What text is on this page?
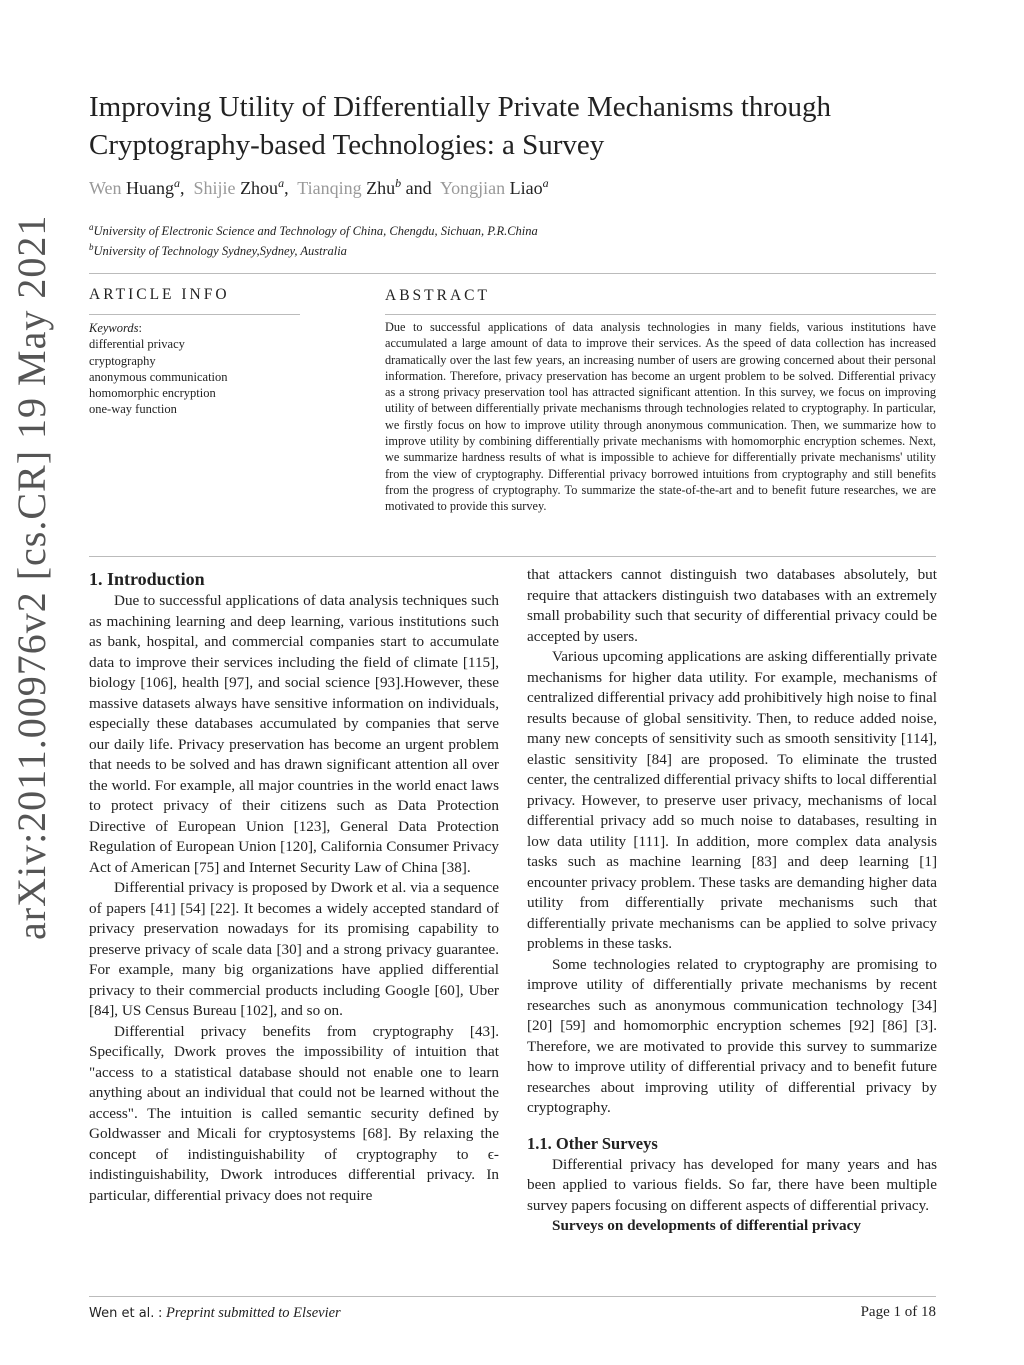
arXiv:2011.00976v2 [cs.CR] 19 May 2021
Improving Utility of Differentially Private Mechanisms through Cryptography-based Technologies: a Survey
Wen Huang$^a$, Shijie Zhou$^a$, Tianqing Zhu$^b$ and Yongjian Liao$^a$
$^a$University of Electronic Science and Technology of China, Chengdu, Sichuan, P.R.China
$^b$University of Technology Sydney,Sydney, Australia
ARTICLE INFO
Keywords:
differential privacy
cryptography
anonymous communication
homomorphic encryption
one-way function
ABSTRACT
Due to successful applications of data analysis technologies in many fields, various institutions have accumulated a large amount of data to improve their services. As the speed of data collection has increased dramatically over the last few years, an increasing number of users are growing concerned about their personal information. Therefore, privacy preservation has become an urgent problem to be solved. Differential privacy as a strong privacy preservation tool has attracted significant attention. In this survey, we focus on improving utility of between differentially private mechanisms through technologies related to cryptography. In particular, we firstly focus on how to improve utility through anonymous communication. Then, we summarize how to improve utility by combining differentially private mechanisms with homomorphic encryption schemes. Next, we summarize hardness results of what is impossible to achieve for differentially private mechanisms' utility from the view of cryptography. Differential privacy borrowed intuitions from cryptography and still benefits from the progress of cryptography. To summarize the state-of-the-art and to benefit future researches, we are motivated to provide this survey.
1. Introduction

Due to successful applications of data analysis techniques such as machining learning and deep learning, various institutions such as bank, hospital, and commercial companies start to accumulate data to improve their services including the field of climate [115], biology [106], health [97], and social science [93].However, these massive datasets always have sensitive information on individuals, especially these databases accumulated by companies that serve our daily life. Privacy preservation has become an urgent problem that needs to be solved and has drawn significant attention all over the world. For example, all major countries in the world enact laws to protect privacy of their citizens such as Data Protection Directive of European Union [123], General Data Protection Regulation of European Union [120], California Consumer Privacy Act of American [75] and Internet Security Law of China [38].

Differential privacy is proposed by Dwork et al. via a sequence of papers [41] [54] [22]. It becomes a widely accepted standard of privacy preservation nowadays for its promising capability to preserve privacy of scale data [30] and a strong privacy guarantee. For example, many big organizations have applied differential privacy to their commercial products including Google [60], Uber [84], US Census Bureau [102], and so on.

Differential privacy benefits from cryptography [43]. Specifically, Dwork proves the impossibility of intuition that "access to a statistical database should not enable one to learn anything about an individual that could not be learned without the access". The intuition is called semantic security defined by Goldwasser and Micali for cryptosystems [68]. By relaxing the concept of indistinguishability of cryptography to ϵ-indistinguishability, Dwork introduces differential privacy. In particular, differential privacy does not require

that attackers cannot distinguish two databases absolutely, but require that attackers distinguish two databases with an extremely small probability such that security of differential privacy could be accepted by users.

Various upcoming applications are asking differentially private mechanisms for higher data utility. For example, mechanisms of centralized differential privacy add prohibitively high noise to final results because of global sensitivity. Then, to reduce added noise, many new concepts of sensitivity such as smooth sensitivity [114], elastic sensitivity [84] are proposed. To eliminate the trusted center, the centralized differential privacy shifts to local differential privacy. However, to preserve user privacy, mechanisms of local differential privacy add so much noise to databases, resulting in low data utility [111]. In addition, more complex data analysis tasks such as machine learning [83] and deep learning [1] encounter privacy problem. These tasks are demanding higher data utility from differentially private mechanisms such that differentially private mechanisms can be applied to solve privacy problems in these tasks.

Some technologies related to cryptography are promising to improve utility of differentially private mechanisms by recent researches such as anonymous communication technology [34] [20] [59] and homomorphic encryption schemes [92] [86] [3]. Therefore, we are motivated to provide this survey to summarize how to improve utility of differential privacy and to benefit future researches about improving utility of differential privacy by cryptography.

1.1. Other Surveys

Differential privacy has developed for many years and has been applied to various fields. So far, there have been multiple survey papers focusing on different aspects of differential privacy.

Surveys on developments of differential privacy
Wen et al. : Preprint submitted to Elsevier	Page 1 of 18
